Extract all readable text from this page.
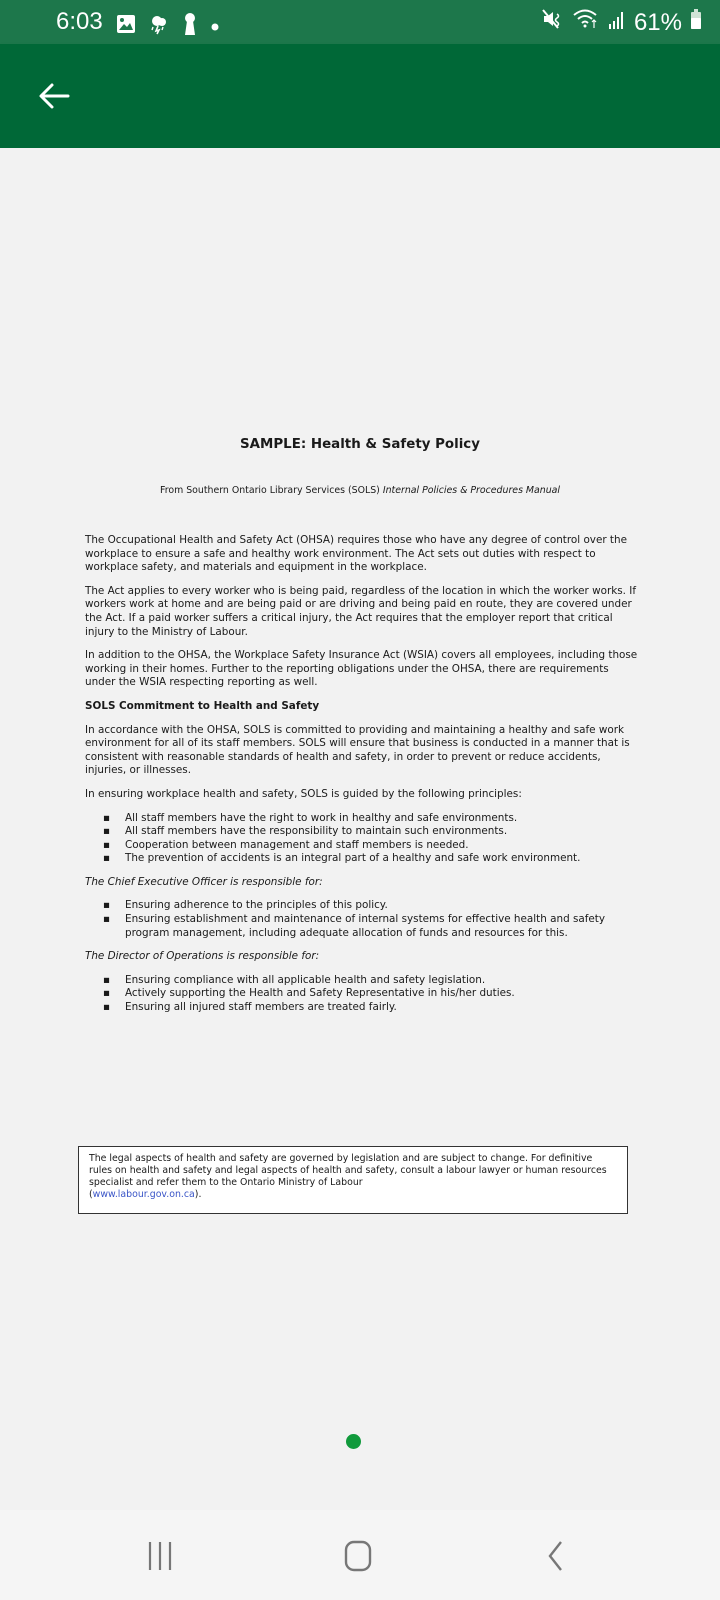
6:03	61%
SAMPLE: Health & Safety Policy
From Southern Ontario Library Services (SOLS) Internal Policies & Procedures Manual

The Occupational Health and Safety Act (OHSA) requires those who have any degree of control over the workplace to ensure a safe and healthy work environment. The Act sets out duties with respect to workplace safety, and materials and equipment in the workplace.

The Act applies to every worker who is being paid, regardless of the location in which the worker works. If workers work at home and are being paid or are driving and being paid en route, they are covered under the Act. If a paid worker suffers a critical injury, the Act requires that the employer report that critical injury to the Ministry of Labour.

In addition to the OHSA, the Workplace Safety Insurance Act (WSIA) covers all employees, including those working in their homes. Further to the reporting obligations under the OHSA, there are requirements under the WSIA respecting reporting as well.

SOLS Commitment to Health and Safety

In accordance with the OHSA, SOLS is committed to providing and maintaining a healthy and safe work environment for all of its staff members. SOLS will ensure that business is conducted in a manner that is consistent with reasonable standards of health and safety, in order to prevent or reduce accidents, injuries, or illnesses.

In ensuring workplace health and safety, SOLS is guided by the following principles:

▪ All staff members have the right to work in healthy and safe environments.
▪ All staff members have the responsibility to maintain such environments.
▪ Cooperation between management and staff members is needed.
▪ The prevention of accidents is an integral part of a healthy and safe work environment.
The Chief Executive Officer is responsible for:
▪ Ensuring adherence to the principles of this policy.
▪ Ensuring establishment and maintenance of internal systems for effective health and safety program management, including adequate allocation of funds and resources for this.
The Director of Operations is responsible for:
▪ Ensuring compliance with all applicable health and safety legislation.
▪ Actively supporting the Health and Safety Representative in his/her duties.
▪ Ensuring all injured staff members are treated fairly.
The legal aspects of health and safety are governed by legislation and are subject to change. For definitive rules on health and safety and legal aspects of health and safety, consult a labour lawyer or human resources specialist and refer them to the Ontario Ministry of Labour
(www.labour.gov.on.ca).
